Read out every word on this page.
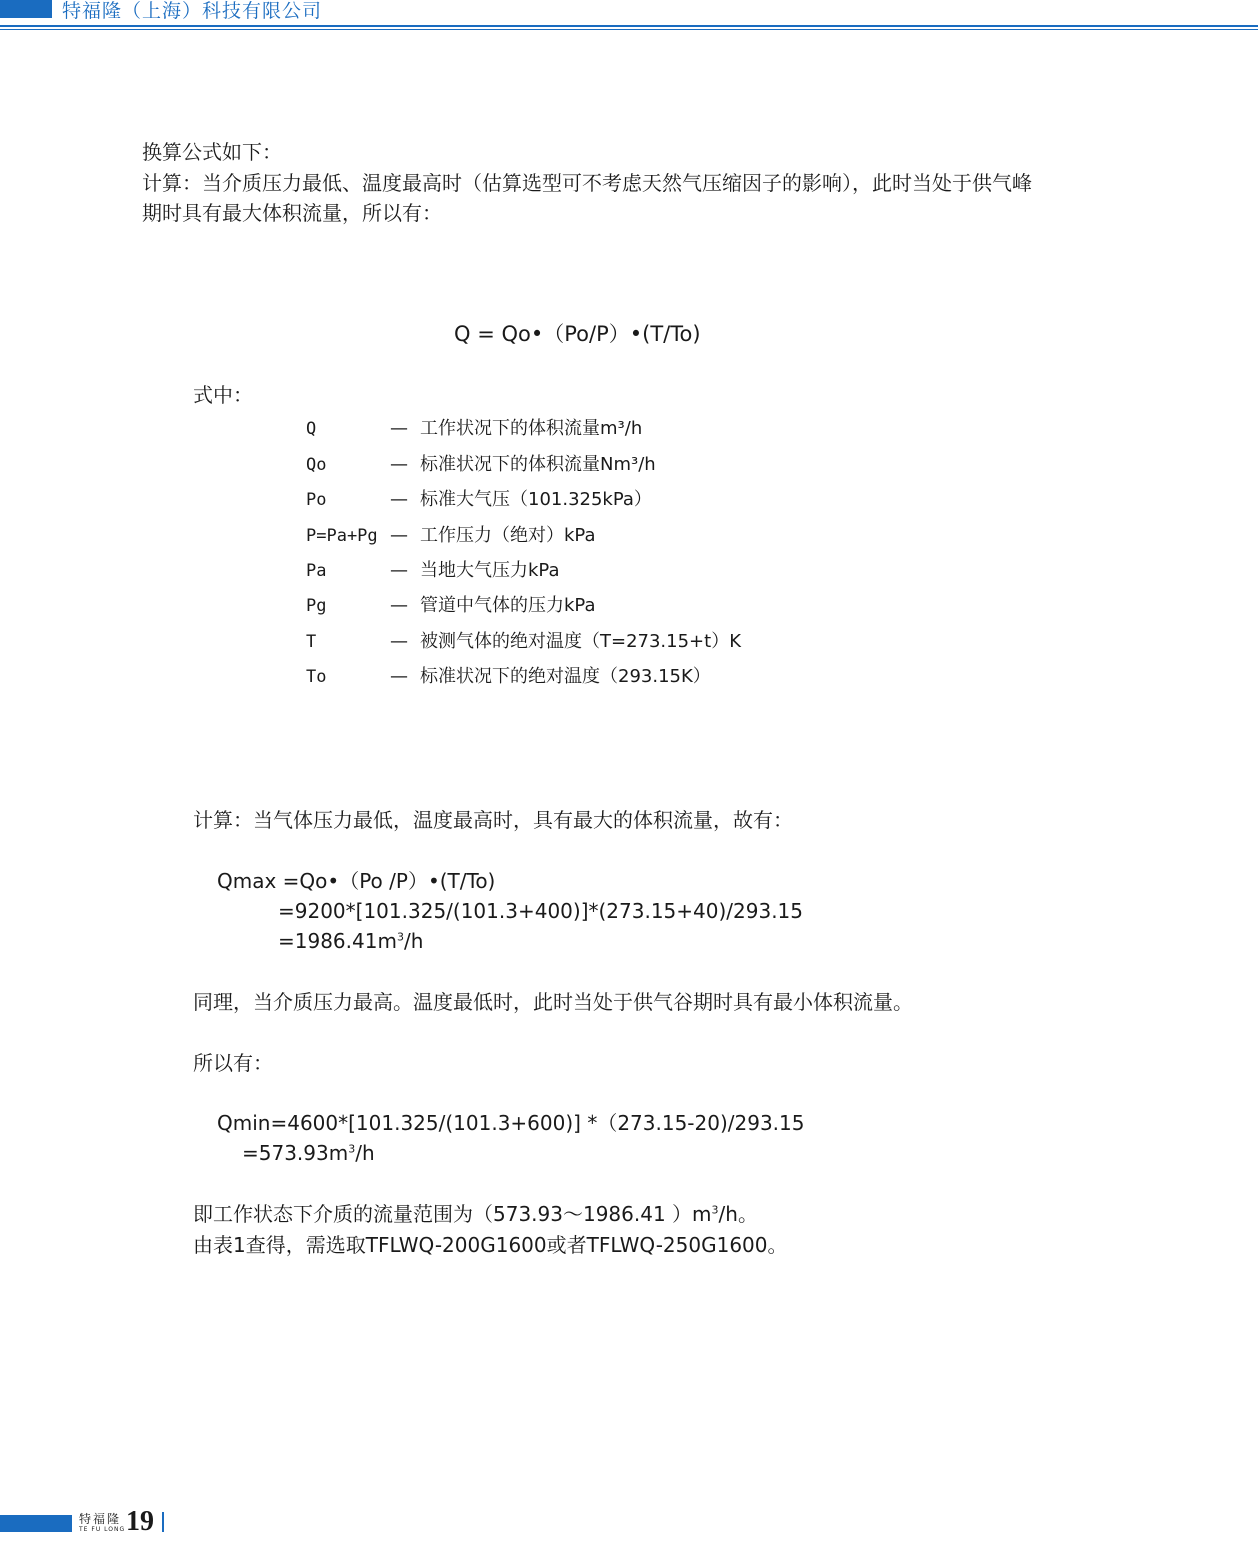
特福隆（上海）科技有限公司
换算公式如下：
计算：当介质压力最低、温度最高时（估算选型可不考虑天然气压缩因子的影响），此时当处于供气峰
期时具有最大体积流量，所以有：
Q = Qo•（Po/P）•(T/To)
式中：
Q	— 工作状况下的体积流量m³/h
Qo	— 标准状况下的体积流量Nm³/h
Po	— 标准大气压（101.325kPa）
P=Pa+Pg — 工作压力（绝对）kPa
Pa	— 当地大气压力kPa
Pg	— 管道中气体的压力kPa
T	— 被测气体的绝对温度（T=273.15+t）K
To	— 标准状况下的绝对温度（293.15K）
计算：当气体压力最低，温度最高时，具有最大的体积流量，故有：
Qmax =Qo•（Po /P）•(T/To)
=9200*[101.325/(101.3+400)]*(273.15+40)/293.15
$=1986.41m^3/h$
同理，当介质压力最高。温度最低时，此时当处于供气谷期时具有最小体积流量。
所以有：
Qmin=4600*[101.325/(101.3+600)] *（273.15-20)/293.15
$=573.93m^3/h$
即工作状态下介质的流量范围为（573.93～1986.41 ）$m^3/h$。
由表1查得，需选取TFLWQ-200G1600或者TFLWQ-250G1600。
特福隆
TE FU LONG 19
